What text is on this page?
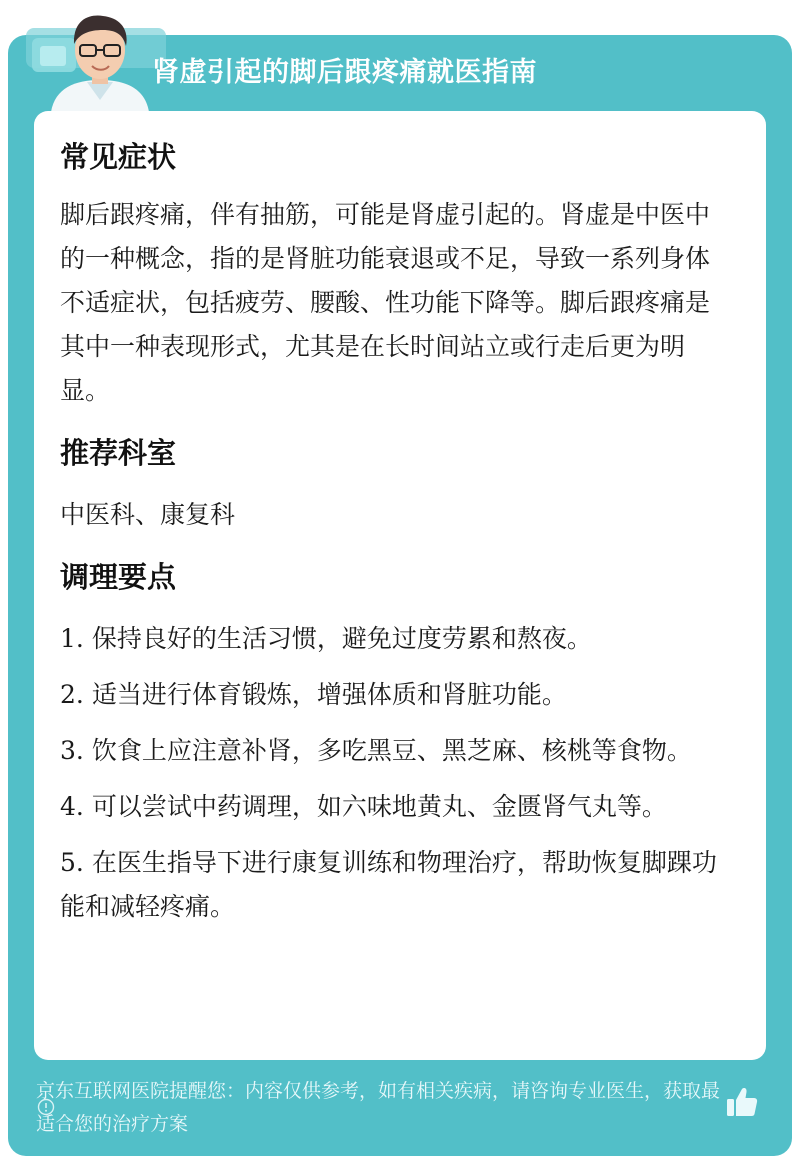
肾虚引起的脚后跟疼痛就医指南
常见症状

脚后跟疼痛，伴有抽筋，可能是肾虚引起的。肾虚是中医中的一种概念，指的是肾脏功能衰退或不足，导致一系列身体不适症状，包括疲劳、腰酸、性功能下降等。脚后跟疼痛是其中一种表现形式，尤其是在长时间站立或行走后更为明显。

推荐科室

中医科、康复科

调理要点

1. 保持良好的生活习惯，避免过度劳累和熬夜。

2. 适当进行体育锻炼，增强体质和肾脏功能。

3. 饮食上应注意补肾，多吃黑豆、黑芝麻、核桃等食物。

4. 可以尝试中药调理，如六味地黄丸、金匮肾气丸等。

5. 在医生指导下进行康复训练和物理治疗，帮助恢复脚踝功能和减轻疼痛。

京东互联网医院提醒您：内容仅供参考，如有相关疾病，请咨询专业医生，获取最适合您的治疗方案
